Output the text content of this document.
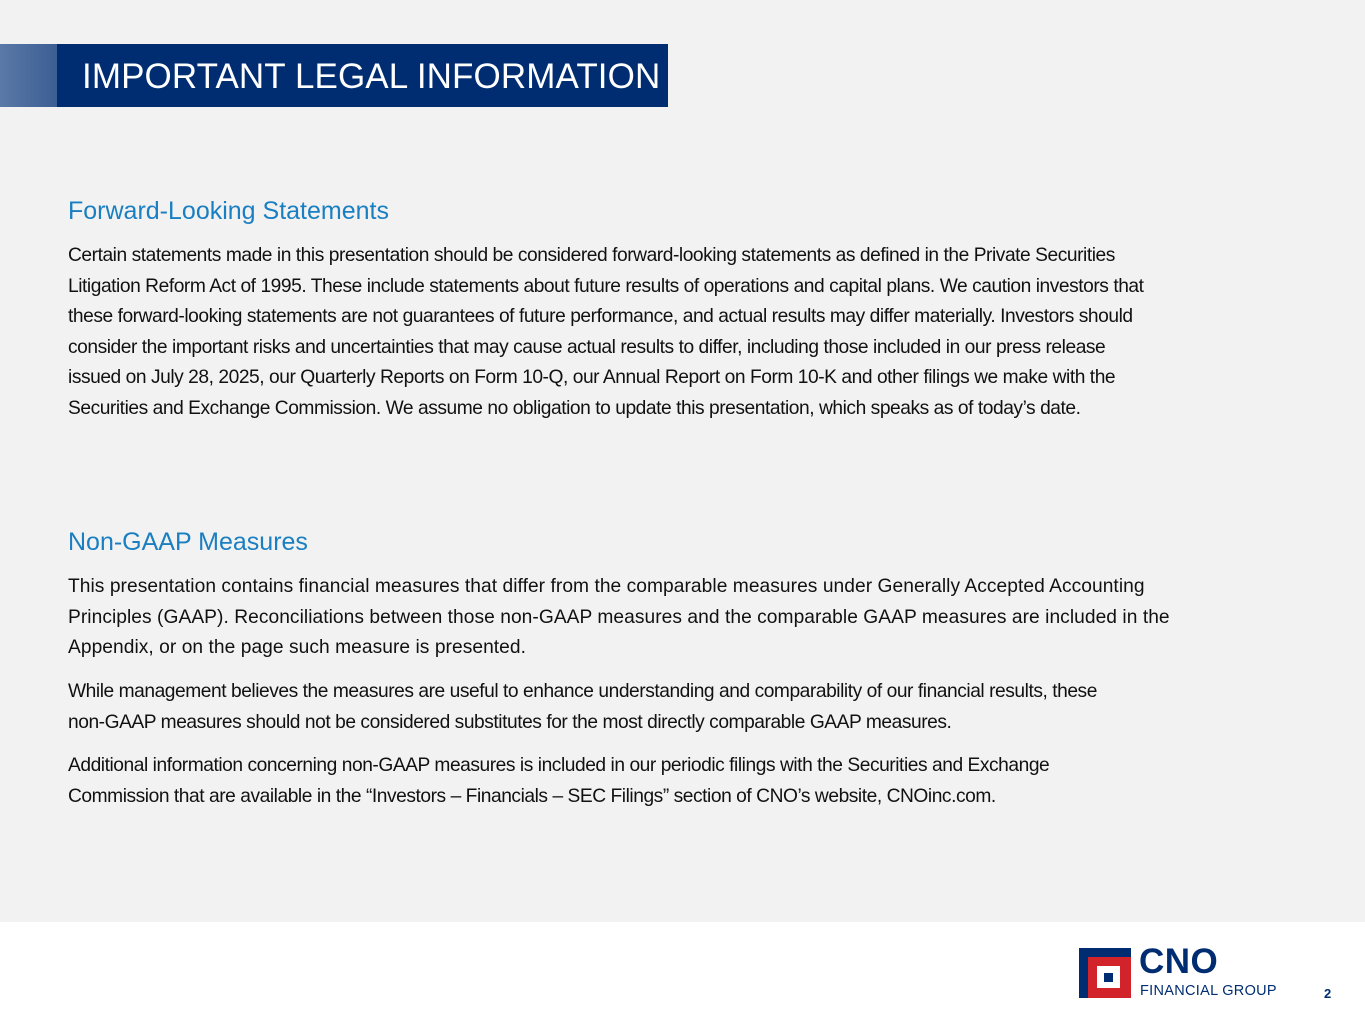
IMPORTANT LEGAL INFORMATION
Forward-Looking Statements

Certain statements made in this presentation should be considered forward-looking statements as defined in the Private Securities
Litigation Reform Act of 1995. These include statements about future results of operations and capital plans. We caution investors that
these forward-looking statements are not guarantees of future performance, and actual results may differ materially. Investors should
consider the important risks and uncertainties that may cause actual results to differ, including those included in our press release
issued on July 28, 2025, our Quarterly Reports on Form 10-Q, our Annual Report on Form 10-K and other filings we make with the
Securities and Exchange Commission. We assume no obligation to update this presentation, which speaks as of today’s date.

Non-GAAP Measures

This presentation contains financial measures that differ from the comparable measures under Generally Accepted Accounting
Principles (GAAP). Reconciliations between those non-GAAP measures and the comparable GAAP measures are included in the
Appendix, or on the page such measure is presented.

While management believes the measures are useful to enhance understanding and comparability of our financial results, these
non-GAAP measures should not be considered substitutes for the most directly comparable GAAP measures.

Additional information concerning non-GAAP measures is included in our periodic filings with the Securities and Exchange
Commission that are available in the “Investors – Financials – SEC Filings” section of CNO’s website, CNOinc.com.

CNO
FINANCIAL GROUP	2
